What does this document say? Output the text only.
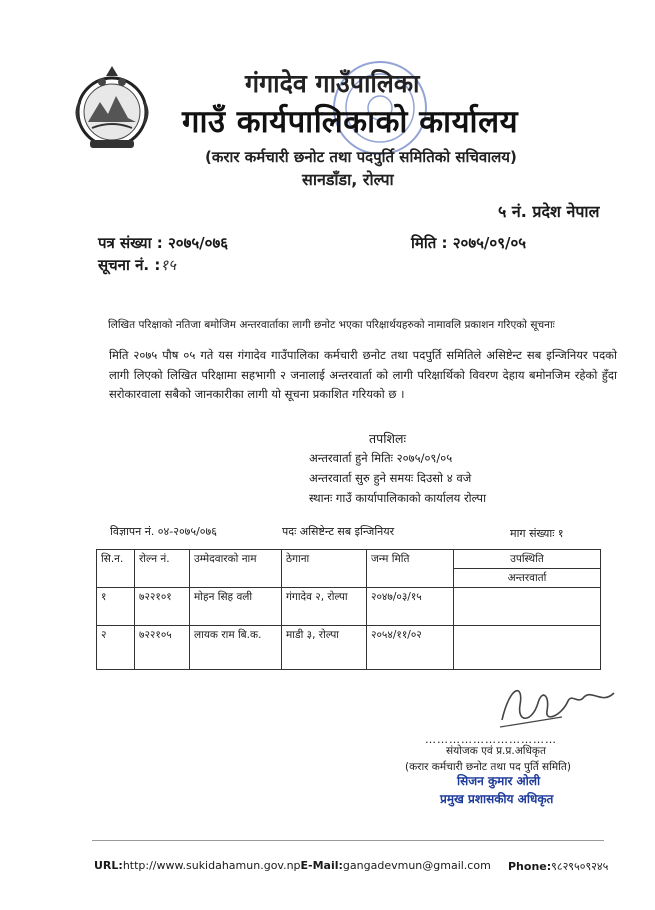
गंगादेव गाउँपालिका
गाउँ कार्यपालिकाको कार्यालय
(करार कर्मचारी छनोट तथा पदपुर्ति समितिको सचिवालय)
सानडाँडा, रोल्पा
५ नं. प्रदेश नेपाल
पत्र संख्या : २०७५/०७६	मिति : २०७५/०९/०५
सूचना नं. :१५
लिखित परिक्षाको नतिजा बमोजिम अन्तरवार्ताका लागी छनोट भएका परिक्षार्थयहरुको नामावलि प्रकाशन गरिएको सूचनाः
मिति २०७५ पौष ०५ गते यस गंगादेव गाउँपालिका कर्मचारी छनोट तथा पदपुर्ति समितिले असिष्टेन्ट सब इन्जिनियर पदको लागी लिएको लिखित परिक्षामा सहभागी २ जनालाई अन्तरवार्ता को लागी परिक्षार्थिको विवरण देहाय बमोनजिम रहेको हुँदा सरोकारवाला सबैको जानकारीका लागी यो सूचना प्रकाशित गरियको छ ।
तपशिलः
अन्तरवार्ता हुने मितिः २०७५/०९/०५
अन्तरवार्ता सुरु हुने समयः दिउसो ४ वजे
स्थानः गाउँ कार्यापालिकाको कार्यालय रोल्पा
विज्ञापन नं. ०४-२०७५/०७६	पदः असिष्टेन्ट सब इन्जिनियर	माग संख्याः १
सि.न.	रोल्न नं.	उम्मेदवारको नाम	ठेगाना	जन्म मिति	उपस्थिति
					अन्तरवार्ता
१	७२२१०१	मोहन सिह वली	गंगादेव २, रोल्पा	२०४७/०३/१५	
२	७२२१०५	लायक राम बि.क.	माडी ३, रोल्पा	२०५४/११/०२	
……………………………
संयोजक एवं प्र.प्र.अधिकृत
(करार कर्मचारी छनोट तथा पद पुर्ति समिति)
सिजन कुमार ओली
प्रमुख प्रशासकीय अधिकृत
URL:http://www.sukidahamun.gov.npE-Mail:gangadevmun@gmail.com Phone:९८२९५०९२४५
